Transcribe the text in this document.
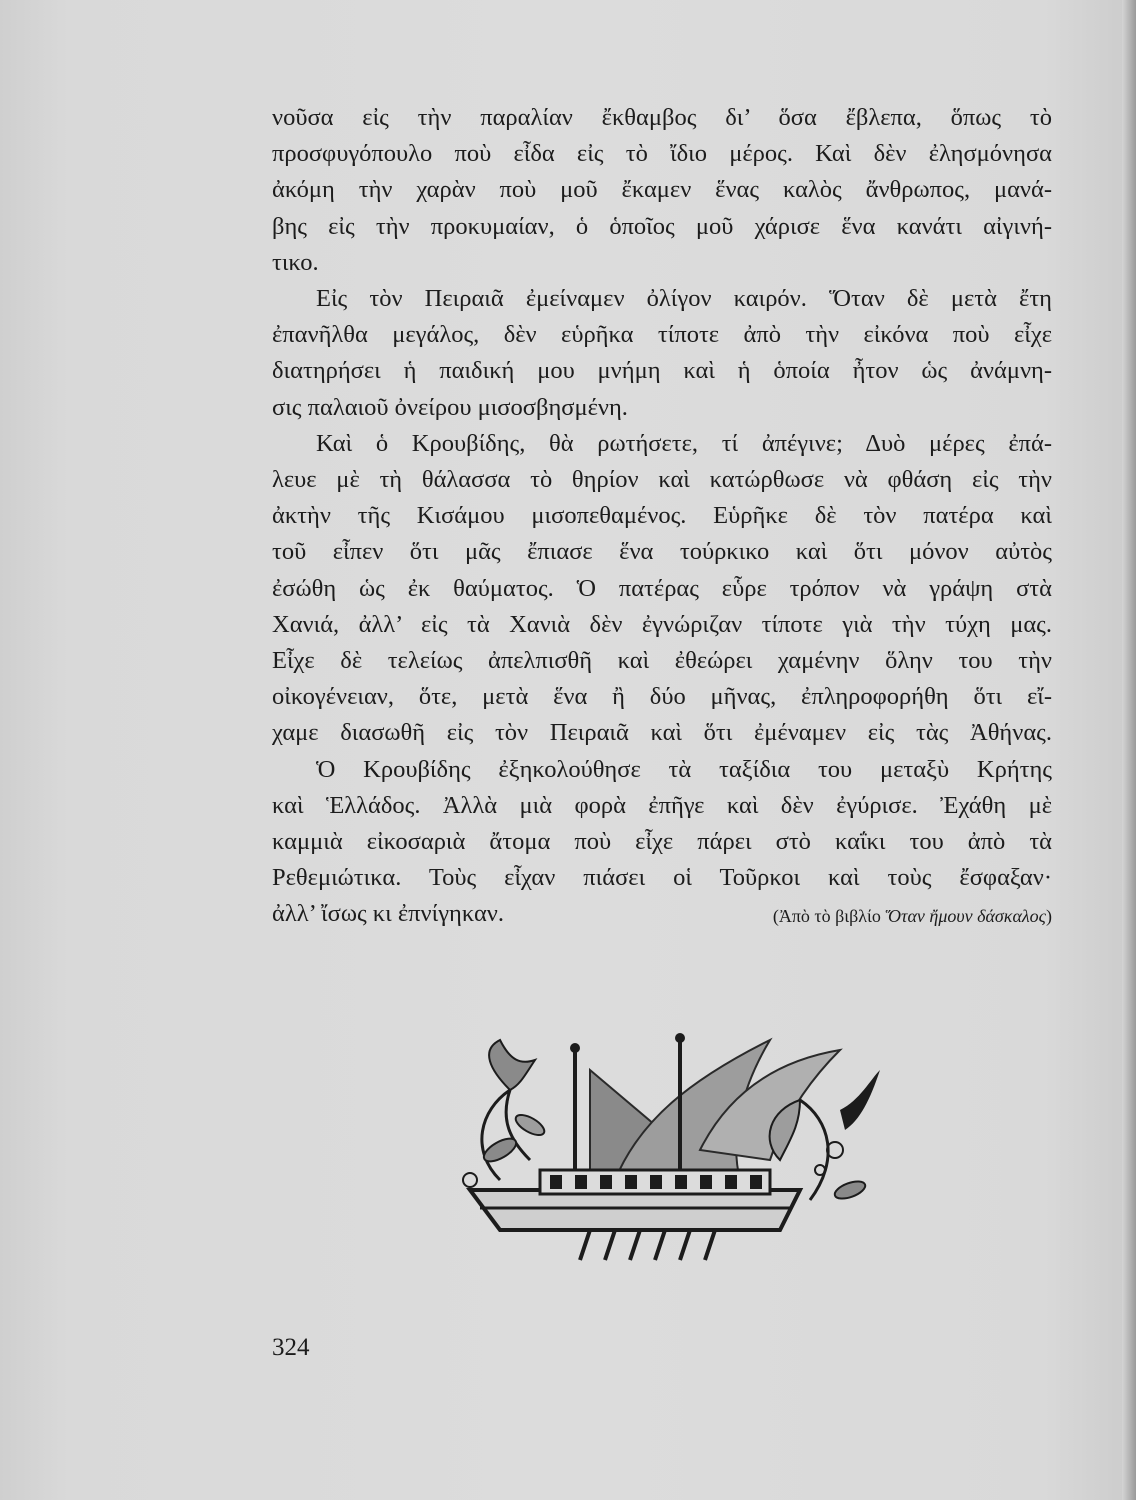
νοῦσα εἰς τὴν παραλίαν ἔκθαμβος δι’ ὅσα ἔβλεπα, ὅπως τὸ
προσφυγόπουλο ποὺ εἶδα εἰς τὸ ἴδιο μέρος. Καὶ δὲν ἐλησμόνησα
ἀκόμη τὴν χαρὰν ποὺ μοῦ ἔκαμεν ἕνας καλὸς ἄνθρωπος, μανά-
βης εἰς τὴν προκυμαίαν, ὁ ὁποῖος μοῦ χάρισε ἕνα κανάτι αἰγινή-
τικο.

Εἰς τὸν Πειραιᾶ ἐμείναμεν ὀλίγον καιρόν. Ὅταν δὲ μετὰ ἔτη
ἐπανῆλθα μεγάλος, δὲν εὑρῆκα τίποτε ἀπὸ τὴν εἰκόνα ποὺ εἶχε
διατηρήσει ἡ παιδική μου μνήμη καὶ ἡ ὁποία ἦτον ὡς ἀνάμνη-
σις παλαιοῦ ὀνείρου μισοσβησμένη.

Καὶ ὁ Κρουβίδης, θὰ ρωτήσετε, τί ἀπέγινε; Δυὸ μέρες ἐπά-
λευε μὲ τὴ θάλασσα τὸ θηρίον καὶ κατώρθωσε νὰ φθάση εἰς τὴν
ἀκτὴν τῆς Κισάμου μισοπεθαμένος. Εὑρῆκε δὲ τὸν πατέρα καὶ
τοῦ εἶπεν ὅτι μᾶς ἔπιασε ἕνα τούρκικο καὶ ὅτι μόνον αὐτὸς
ἐσώθη ὡς ἐκ θαύματος. Ὁ πατέρας εὗρε τρόπον νὰ γράψη στὰ
Χανιά, ἀλλ’ εἰς τὰ Χανιὰ δὲν ἐγνώριζαν τίποτε γιὰ τὴν τύχη μας.
Εἶχε δὲ τελείως ἀπελπισθῆ καὶ ἐθεώρει χαμένην ὅλην του τὴν
οἰκογένειαν, ὅτε, μετὰ ἕνα ἢ δύο μῆνας, ἐπληροφορήθη ὅτι εἴ-
χαμε διασωθῆ εἰς τὸν Πειραιᾶ καὶ ὅτι ἐμέναμεν εἰς τὰς Ἀθήνας.

Ὁ Κρουβίδης ἐξηκολούθησε τὰ ταξίδια του μεταξὺ Κρήτης
καὶ Ἑλλάδος. Ἀλλὰ μιὰ φορὰ ἐπῆγε καὶ δὲν ἐγύρισε. Ἐχάθη μὲ
καμμιὰ εἰκοσαριὰ ἄτομα ποὺ εἶχε πάρει στὸ καΐκι του ἀπὸ τὰ
Ρεθεμιώτικα. Τοὺς εἶχαν πιάσει οἱ Τοῦρκοι καὶ τοὺς ἔσφαξαν·
ἀλλ’ ἴσως κι ἐπνίγηκαν.	(Ἀπὸ τὸ βιβλίο Ὅταν ἤμουν δάσκαλος)
324
